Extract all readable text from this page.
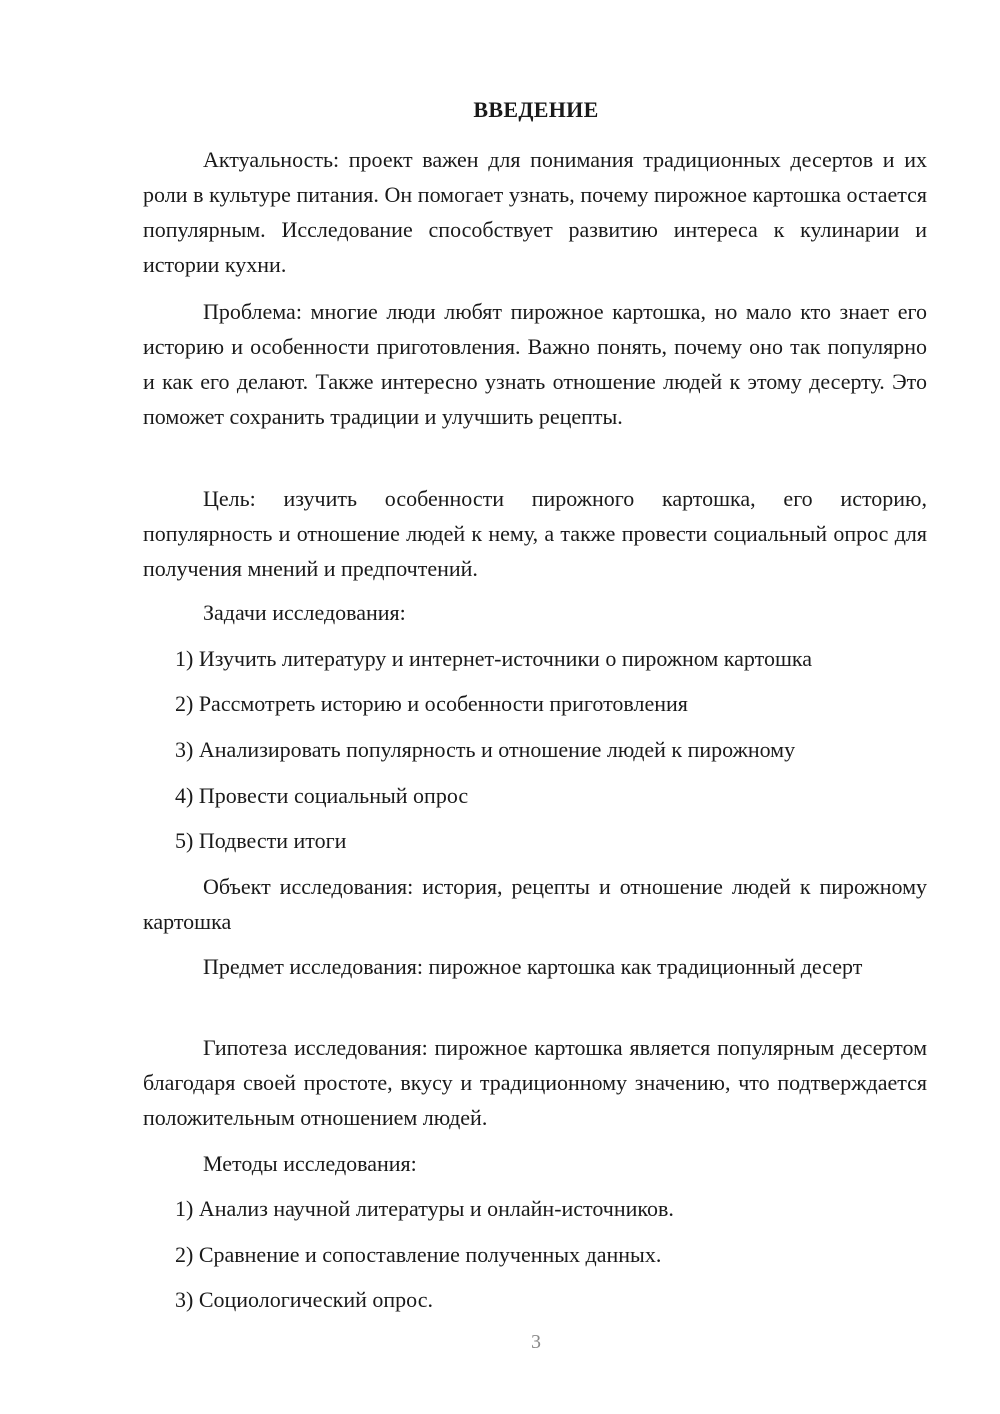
ВВЕДЕНИЕ

Актуальность: проект важен для понимания традиционных десертов и их роли в культуре питания. Он помогает узнать, почему пирожное картошка остается популярным. Исследование способствует развитию интереса к кулинарии и истории кухни.

Проблема: многие люди любят пирожное картошка, но мало кто знает его историю и особенности приготовления. Важно понять, почему оно так популярно и как его делают. Также интересно узнать отношение людей к этому десерту. Это поможет сохранить традиции и улучшить рецепты.

Цель: изучить особенности пирожного картошка, его историю, популярность и отношение людей к нему, а также провести социальный опрос для получения мнений и предпочтений.

Задачи исследования:

1) Изучить литературу и интернет-источники о пирожном картошка

2) Рассмотреть историю и особенности приготовления

3) Анализировать популярность и отношение людей к пирожному

4) Провести социальный опрос

5) Подвести итоги

Объект исследования: история, рецепты и отношение людей к пирожному картошка

Предмет исследования: пирожное картошка как традиционный десерт

Гипотеза исследования: пирожное картошка является популярным десертом благодаря своей простоте, вкусу и традиционному значению, что подтверждается положительным отношением людей.

Методы исследования:

1) Анализ научной литературы и онлайн-источников.

2) Сравнение и сопоставление полученных данных.

3) Социологический опрос.

3
